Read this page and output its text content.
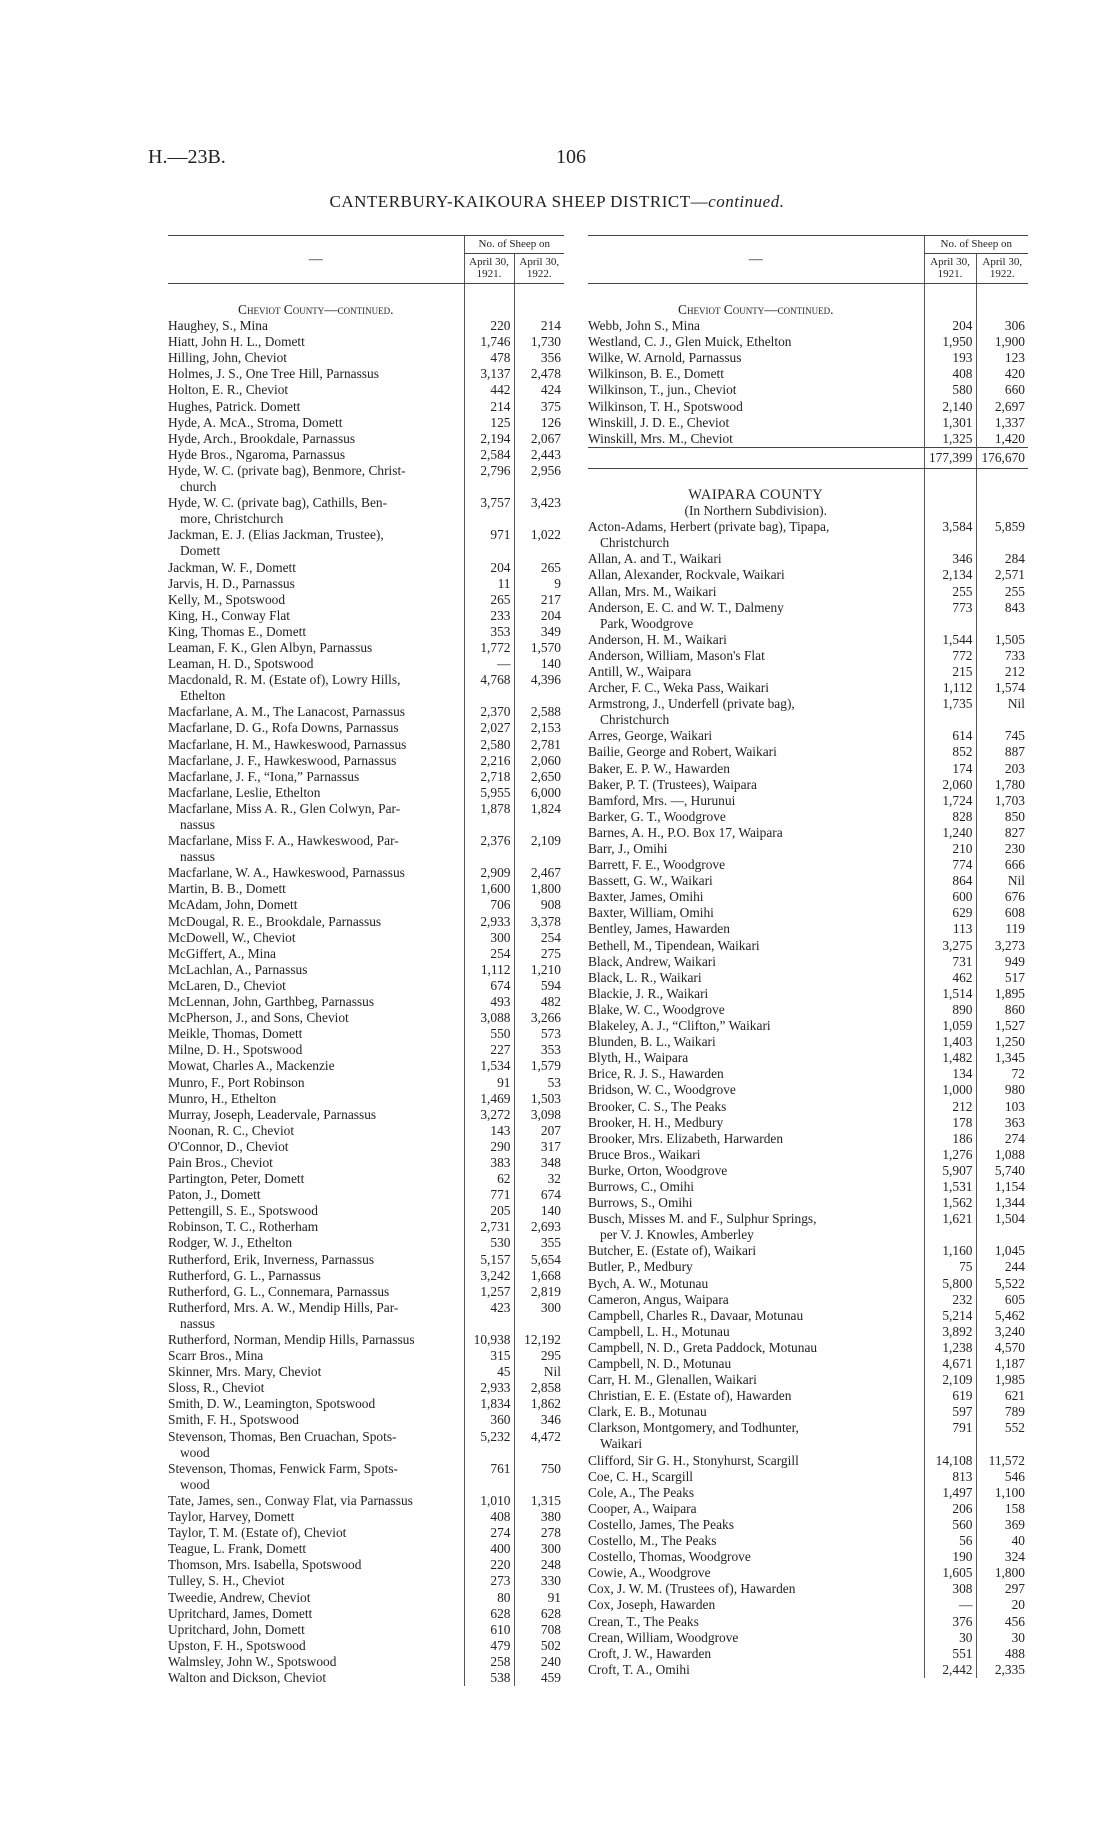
H.—23B.	106
CANTERBURY-KAIKOURA SHEEP DISTRICT—continued.
—	No. of Sheep on	
	April 30, 1921.	April 30, 1922.

Cheviot County—continued.		
Haughey, S., Mina	220	214
Hiatt, John H. L., Domett	1,746	1,730
Hilling, John, Cheviot	478	356
Holmes, J. S., One Tree Hill, Parnassus	3,137	2,478
Holton, E. R., Cheviot	442	424
Hughes, Patrick. Domett	214	375
Hyde, A. McA., Stroma, Domett	125	126
Hyde, Arch., Brookdale, Parnassus	2,194	2,067
Hyde Bros., Ngaroma, Parnassus	2,584	2,443
Hyde, W. C. (private bag), Benmore, Christ-
church	2,796	2,956
Hyde, W. C. (private bag), Cathills, Ben-
more, Christchurch	3,757	3,423
Jackman, E. J. (Elias Jackman, Trustee),
Domett	971	1,022
Jackman, W. F., Domett	204	265
Jarvis, H. D., Parnassus	11	9
Kelly, M., Spotswood	265	217
King, H., Conway Flat	233	204
King, Thomas E., Domett	353	349
Leaman, F. K., Glen Albyn, Parnassus	1,772	1,570
Leaman, H. D., Spotswood	—	140
Macdonald, R. M. (Estate of), Lowry Hills,
Ethelton	4,768	4,396
Macfarlane, A. M., The Lanacost, Parnassus	2,370	2,588
Macfarlane, D. G., Rofa Downs, Parnassus	2,027	2,153
Macfarlane, H. M., Hawkeswood, Parnassus	2,580	2,781
Macfarlane, J. F., Hawkeswood, Parnassus	2,216	2,060
Macfarlane, J. F., “Iona,” Parnassus	2,718	2,650
Macfarlane, Leslie, Ethelton	5,955	6,000
Macfarlane, Miss A. R., Glen Colwyn, Par-
nassus	1,878	1,824
Macfarlane, Miss F. A., Hawkeswood, Par-
nassus	2,376	2,109
Macfarlane, W. A., Hawkeswood, Parnassus	2,909	2,467
Martin, B. B., Domett	1,600	1,800
McAdam, John, Domett	706	908
McDougal, R. E., Brookdale, Parnassus	2,933	3,378
McDowell, W., Cheviot	300	254
McGiffert, A., Mina	254	275
McLachlan, A., Parnassus	1,112	1,210
McLaren, D., Cheviot	674	594
McLennan, John, Garthbeg, Parnassus	493	482
McPherson, J., and Sons, Cheviot	3,088	3,266
Meikle, Thomas, Domett	550	573
Milne, D. H., Spotswood	227	353
Mowat, Charles A., Mackenzie	1,534	1,579
Munro, F., Port Robinson	91	53
Munro, H., Ethelton	1,469	1,503
Murray, Joseph, Leadervale, Parnassus	3,272	3,098
Noonan, R. C., Cheviot	143	207
O'Connor, D., Cheviot	290	317
Pain Bros., Cheviot	383	348
Partington, Peter, Domett	62	32
Paton, J., Domett	771	674
Pettengill, S. E., Spotswood	205	140
Robinson, T. C., Rotherham	2,731	2,693
Rodger, W. J., Ethelton	530	355
Rutherford, Erik, Inverness, Parnassus	5,157	5,654
Rutherford, G. L., Parnassus	3,242	1,668
Rutherford, G. L., Connemara, Parnassus	1,257	2,819
Rutherford, Mrs. A. W., Mendip Hills, Par-
nassus	423	300
Rutherford, Norman, Mendip Hills, Parnassus	10,938	12,192
Scarr Bros., Mina	315	295
Skinner, Mrs. Mary, Cheviot	45	Nil
Sloss, R., Cheviot	2,933	2,858
Smith, D. W., Leamington, Spotswood	1,834	1,862
Smith, F. H., Spotswood	360	346
Stevenson, Thomas, Ben Cruachan, Spots-
wood	5,232	4,472
Stevenson, Thomas, Fenwick Farm, Spots-
wood	761	750
Tate, James, sen., Conway Flat, via Parnassus	1,010	1,315
Taylor, Harvey, Domett	408	380
Taylor, T. M. (Estate of), Cheviot	274	278
Teague, L. Frank, Domett	400	300
Thomson, Mrs. Isabella, Spotswood	220	248
Tulley, S. H., Cheviot	273	330
Tweedie, Andrew, Cheviot	80	91
Upritchard, James, Domett	628	628
Upritchard, John, Domett	610	708
Upston, F. H., Spotswood	479	502
Walmsley, John W., Spotswood	258	240
Walton and Dickson, Cheviot	538	459
—	No. of Sheep on	
	April 30, 1921.	April 30, 1922.

Cheviot County—continued.		
Webb, John S., Mina	204	306
Westland, C. J., Glen Muick, Ethelton	1,950	1,900
Wilke, W. Arnold, Parnassus	193	123
Wilkinson, B. E., Domett	408	420
Wilkinson, T., jun., Cheviot	580	660
Wilkinson, T. H., Spotswood	2,140	2,697
Winskill, J. D. E., Cheviot	1,301	1,337
Winskill, Mrs. M., Cheviot	1,325	1,420
	177,399	176,670
WAIPARA COUNTY		
(In Northern Subdivision).		
Acton-Adams, Herbert (private bag), Tipapa,
Christchurch	3,584	5,859
Allan, A. and T., Waikari	346	284
Allan, Alexander, Rockvale, Waikari	2,134	2,571
Allan, Mrs. M., Waikari	255	255
Anderson, E. C. and W. T., Dalmeny
Park, Woodgrove	773	843
Anderson, H. M., Waikari	1,544	1,505
Anderson, William, Mason's Flat	772	733
Antill, W., Waipara	215	212
Archer, F. C., Weka Pass, Waikari	1,112	1,574
Armstrong, J., Underfell (private bag),
Christchurch	1,735	Nil
Arres, George, Waikari	614	745
Bailie, George and Robert, Waikari	852	887
Baker, E. P. W., Hawarden	174	203
Baker, P. T. (Trustees), Waipara	2,060	1,780
Bamford, Mrs. —, Hurunui	1,724	1,703
Barker, G. T., Woodgrove	828	850
Barnes, A. H., P.O. Box 17, Waipara	1,240	827
Barr, J., Omihi	210	230
Barrett, F. E., Woodgrove	774	666
Bassett, G. W., Waikari	864	Nil
Baxter, James, Omihi	600	676
Baxter, William, Omihi	629	608
Bentley, James, Hawarden	113	119
Bethell, M., Tipendean, Waikari	3,275	3,273
Black, Andrew, Waikari	731	949
Black, L. R., Waikari	462	517
Blackie, J. R., Waikari	1,514	1,895
Blake, W. C., Woodgrove	890	860
Blakeley, A. J., “Clifton,” Waikari	1,059	1,527
Blunden, B. L., Waikari	1,403	1,250
Blyth, H., Waipara	1,482	1,345
Brice, R. J. S., Hawarden	134	72
Bridson, W. C., Woodgrove	1,000	980
Brooker, C. S., The Peaks	212	103
Brooker, H. H., Medbury	178	363
Brooker, Mrs. Elizabeth, Harwarden	186	274
Bruce Bros., Waikari	1,276	1,088
Burke, Orton, Woodgrove	5,907	5,740
Burrows, C., Omihi	1,531	1,154
Burrows, S., Omihi	1,562	1,344
Busch, Misses M. and F., Sulphur Springs,
per V. J. Knowles, Amberley	1,621	1,504
Butcher, E. (Estate of), Waikari	1,160	1,045
Butler, P., Medbury	75	244
Bych, A. W., Motunau	5,800	5,522
Cameron, Angus, Waipara	232	605
Campbell, Charles R., Davaar, Motunau	5,214	5,462
Campbell, L. H., Motunau	3,892	3,240
Campbell, N. D., Greta Paddock, Motunau	1,238	4,570
Campbell, N. D., Motunau	4,671	1,187
Carr, H. M., Glenallen, Waikari	2,109	1,985
Christian, E. E. (Estate of), Hawarden	619	621
Clark, E. B., Motunau	597	789
Clarkson, Montgomery, and Todhunter,
Waikari	791	552
Clifford, Sir G. H., Stonyhurst, Scargill	14,108	11,572
Coe, C. H., Scargill	813	546
Cole, A., The Peaks	1,497	1,100
Cooper, A., Waipara	206	158
Costello, James, The Peaks	560	369
Costello, M., The Peaks	56	40
Costello, Thomas, Woodgrove	190	324
Cowie, A., Woodgrove	1,605	1,800
Cox, J. W. M. (Trustees of), Hawarden	308	297
Cox, Joseph, Hawarden	—	20
Crean, T., The Peaks	376	456
Crean, William, Woodgrove	30	30
Croft, J. W., Hawarden	551	488
Croft, T. A., Omihi	2,442	2,335
